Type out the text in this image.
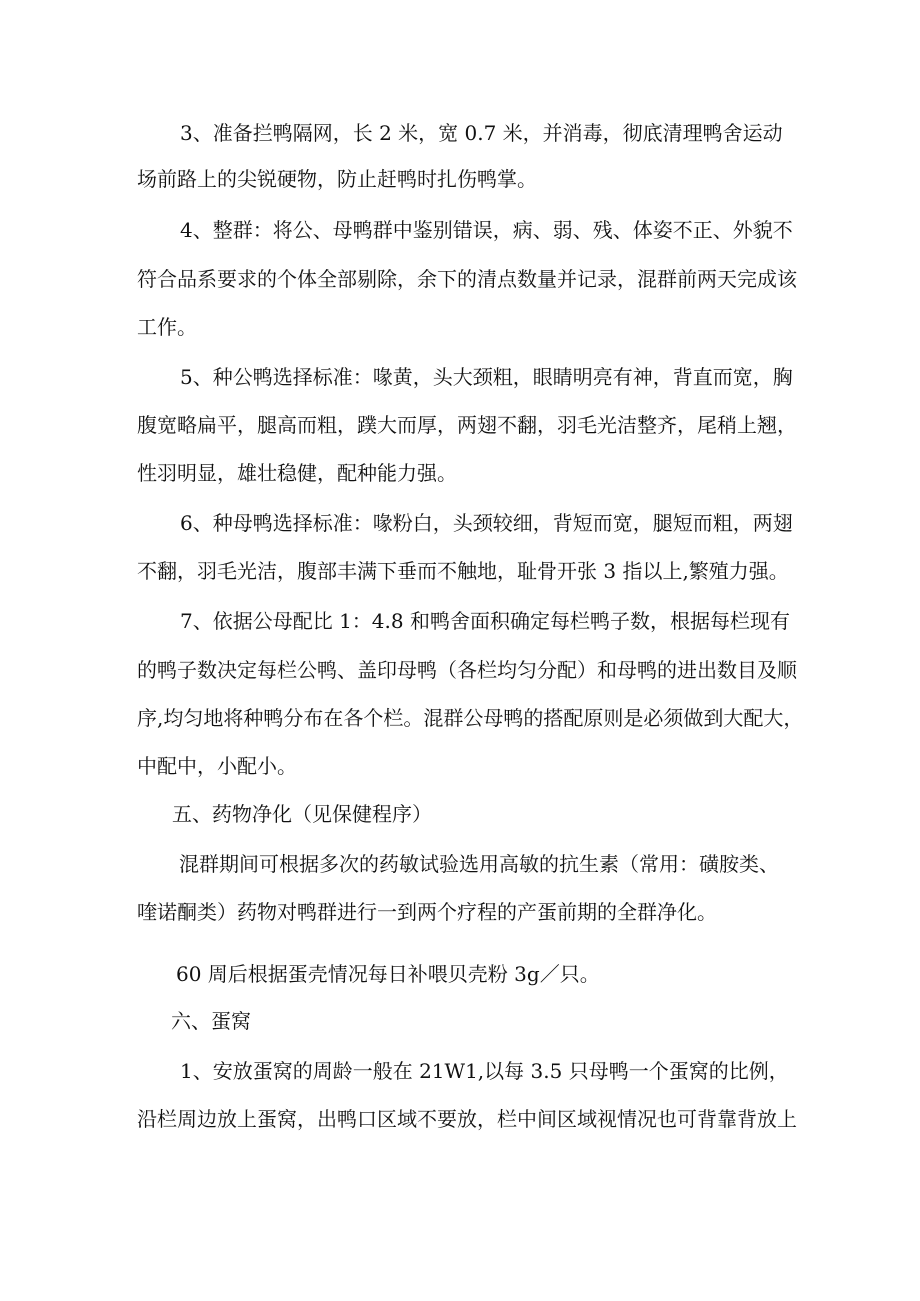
3、准备拦鸭隔网，长 2 米，宽 0.7 米，并消毒，彻底清理鸭舍运动
场前路上的尖锐硬物，防止赶鸭时扎伤鸭掌。
4、整群：将公、母鸭群中鉴别错误，病、弱、残、体姿不正、外貌不
符合品系要求的个体全部剔除，余下的清点数量并记录，混群前两天完成该
工作。
5、种公鸭选择标准：喙黄，头大颈粗，眼睛明亮有神，背直而宽，胸
腹宽略扁平，腿高而粗，蹼大而厚，两翅不翻，羽毛光洁整齐，尾稍上翘，
性羽明显，雄壮稳健，配种能力强。
6、种母鸭选择标准：喙粉白，头颈较细，背短而宽，腿短而粗，两翅
不翻，羽毛光洁，腹部丰满下垂而不触地，耻骨开张 3 指以上,繁殖力强。
7、依据公母配比 1：4.8 和鸭舍面积确定每栏鸭子数，根据每栏现有
的鸭子数决定每栏公鸭、盖印母鸭（各栏均匀分配）和母鸭的进出数目及顺
序,均匀地将种鸭分布在各个栏。混群公母鸭的搭配原则是必须做到大配大，
中配中，小配小。
五、药物净化（见保健程序）
混群期间可根据多次的药敏试验选用高敏的抗生素（常用：磺胺类、
喹诺酮类）药物对鸭群进行一到两个疗程的产蛋前期的全群净化。
60 周后根据蛋壳情况每日补喂贝壳粉 3g／只。
六、蛋窝
1、安放蛋窝的周龄一般在 21W1,以每 3.5 只母鸭一个蛋窝的比例，
沿栏周边放上蛋窝，出鸭口区域不要放，栏中间区域视情况也可背靠背放上
